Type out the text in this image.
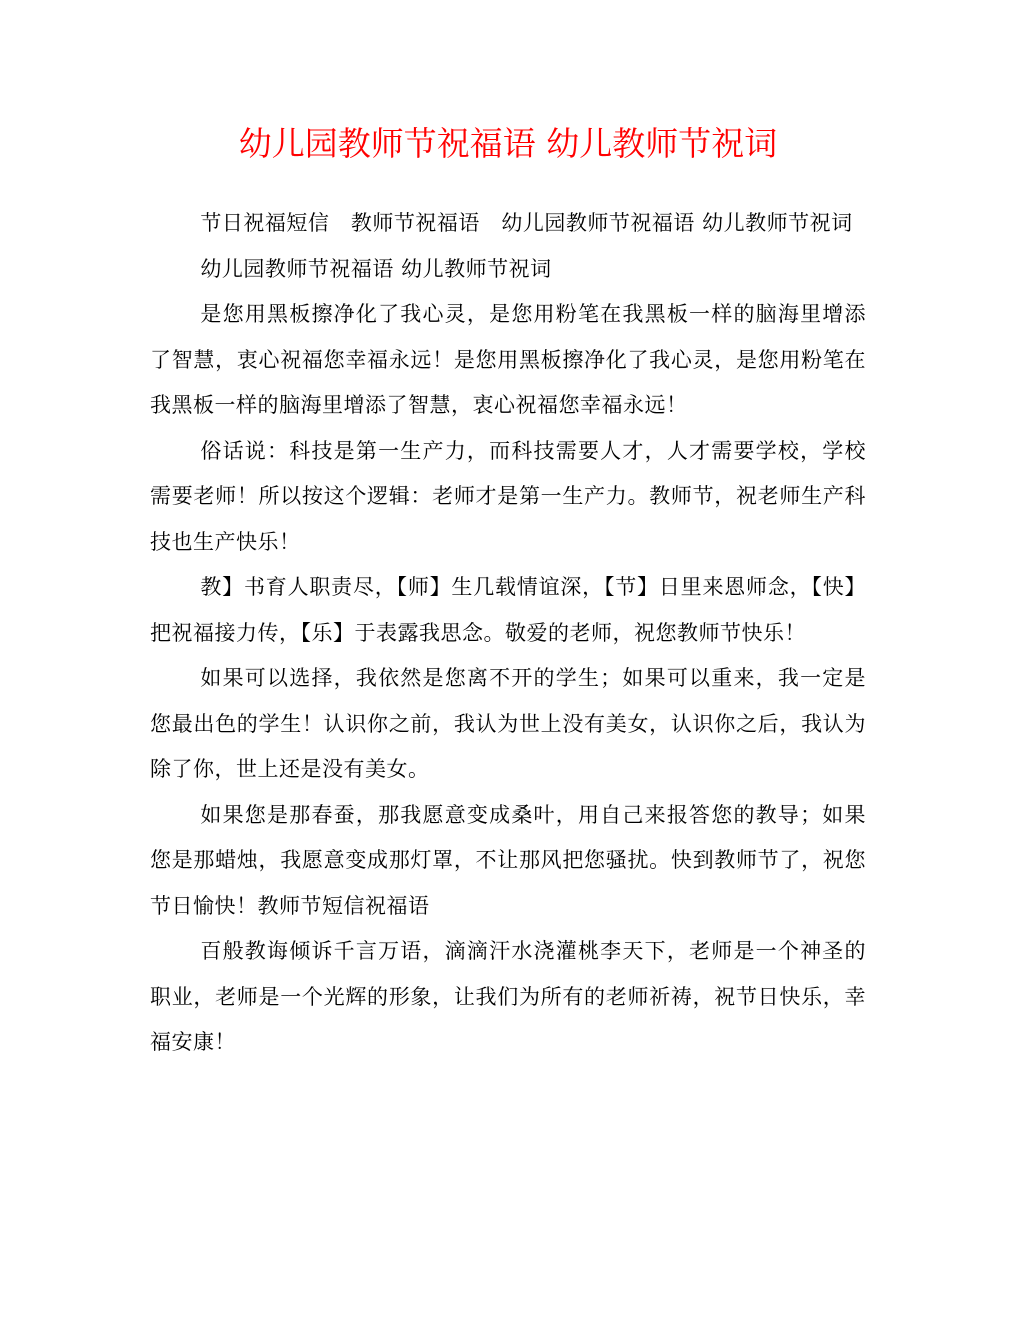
幼儿园教师节祝福语 幼儿教师节祝词

节日祝福短信　教师节祝福语　幼儿园教师节祝福语 幼儿教师节祝词

幼儿园教师节祝福语 幼儿教师节祝词

是您用黑板擦净化了我心灵，是您用粉笔在我黑板一样的脑海里增添了智慧，衷心祝福您幸福永远！是您用黑板擦净化了我心灵，是您用粉笔在我黑板一样的脑海里增添了智慧，衷心祝福您幸福永远！

俗话说：科技是第一生产力，而科技需要人才，人才需要学校，学校需要老师！所以按这个逻辑：老师才是第一生产力。教师节，祝老师生产科技也生产快乐！

教】书育人职责尽，【师】生几载情谊深，【节】日里来恩师念，【快】把祝福接力传，【乐】于表露我思念。敬爱的老师，祝您教师节快乐！

如果可以选择，我依然是您离不开的学生；如果可以重来，我一定是您最出色的学生！认识你之前，我认为世上没有美女，认识你之后，我认为除了你，世上还是没有美女。

如果您是那春蚕，那我愿意变成桑叶，用自己来报答您的教导；如果您是那蜡烛，我愿意变成那灯罩，不让那风把您骚扰。快到教师节了，祝您节日愉快！教师节短信祝福语

百般教诲倾诉千言万语，滴滴汗水浇灌桃李天下，老师是一个神圣的职业，老师是一个光辉的形象，让我们为所有的老师祈祷，祝节日快乐，幸福安康！
